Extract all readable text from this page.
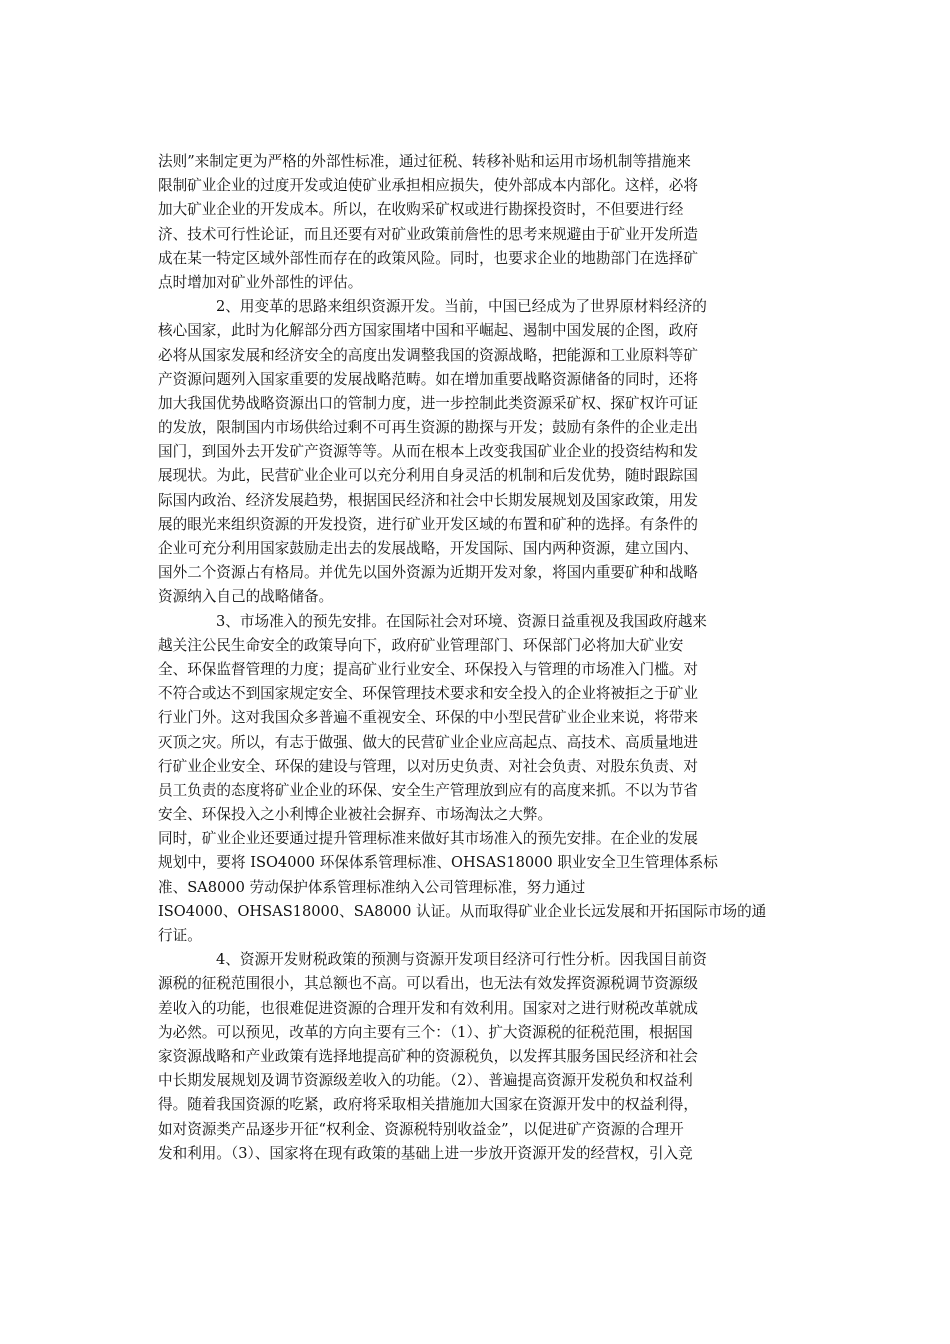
法则”来制定更为严格的外部性标准，通过征税、转移补贴和运用市场机制等措施来
限制矿业企业的过度开发或迫使矿业承担相应损失，使外部成本内部化。这样，必将
加大矿业企业的开发成本。所以，在收购采矿权或进行勘探投资时，不但要进行经
济、技术可行性论证，而且还要有对矿业政策前詹性的思考来规避由于矿业开发所造
成在某一特定区域外部性而存在的政策风险。同时，也要求企业的地勘部门在选择矿
点时增加对矿业外部性的评估。
2、用变革的思路来组织资源开发。当前，中国已经成为了世界原材料经济的
核心国家，此时为化解部分西方国家围堵中国和平崛起、遏制中国发展的企图，政府
必将从国家发展和经济安全的高度出发调整我国的资源战略，把能源和工业原料等矿
产资源问题列入国家重要的发展战略范畴。如在增加重要战略资源储备的同时，还将
加大我国优势战略资源出口的管制力度，进一步控制此类资源采矿权、探矿权许可证
的发放，限制国内市场供给过剩不可再生资源的勘探与开发；鼓励有条件的企业走出
国门，到国外去开发矿产资源等等。从而在根本上改变我国矿业企业的投资结构和发
展现状。为此，民营矿业企业可以充分利用自身灵活的机制和后发优势，随时跟踪国
际国内政治、经济发展趋势，根据国民经济和社会中长期发展规划及国家政策，用发
展的眼光来组织资源的开发投资，进行矿业开发区域的布置和矿种的选择。有条件的
企业可充分利用国家鼓励走出去的发展战略，开发国际、国内两种资源，建立国内、
国外二个资源占有格局。并优先以国外资源为近期开发对象，将国内重要矿种和战略
资源纳入自己的战略储备。
3、市场准入的预先安排。在国际社会对环境、资源日益重视及我国政府越来
越关注公民生命安全的政策导向下，政府矿业管理部门、环保部门必将加大矿业安
全、环保监督管理的力度；提高矿业行业安全、环保投入与管理的市场准入门槛。对
不符合或达不到国家规定安全、环保管理技术要求和安全投入的企业将被拒之于矿业
行业门外。这对我国众多普遍不重视安全、环保的中小型民营矿业企业来说，将带来
灭顶之灾。所以，有志于做强、做大的民营矿业企业应高起点、高技术、高质量地进
行矿业企业安全、环保的建设与管理，以对历史负责、对社会负责、对股东负责、对
员工负责的态度将矿业企业的环保、安全生产管理放到应有的高度来抓。不以为节省
安全、环保投入之小利博企业被社会摒弃、市场淘汰之大弊。
同时，矿业企业还要通过提升管理标准来做好其市场准入的预先安排。在企业的发展
规划中，要将 ISO4000 环保体系管理标准、OHSAS18000 职业安全卫生管理体系标
准、SA8000 劳动保护体系管理标准纳入公司管理标准，努力通过
ISO4000、OHSAS18000、SA8000 认证。从而取得矿业企业长远发展和开拓国际市场的通
行证。
4、资源开发财税政策的预测与资源开发项目经济可行性分析。因我国目前资
源税的征税范围很小，其总额也不高。可以看出，也无法有效发挥资源税调节资源级
差收入的功能，也很难促进资源的合理开发和有效利用。国家对之进行财税改革就成
为必然。可以预见，改革的方向主要有三个：（1）、扩大资源税的征税范围，根据国
家资源战略和产业政策有选择地提高矿种的资源税负，以发挥其服务国民经济和社会
中长期发展规划及调节资源级差收入的功能。（2）、普遍提高资源开发税负和权益利
得。随着我国资源的吃紧，政府将采取相关措施加大国家在资源开发中的权益利得，
如对资源类产品逐步开征“权利金、资源税特别收益金”，以促进矿产资源的合理开
发和利用。（3）、国家将在现有政策的基础上进一步放开资源开发的经营权，引入竞
